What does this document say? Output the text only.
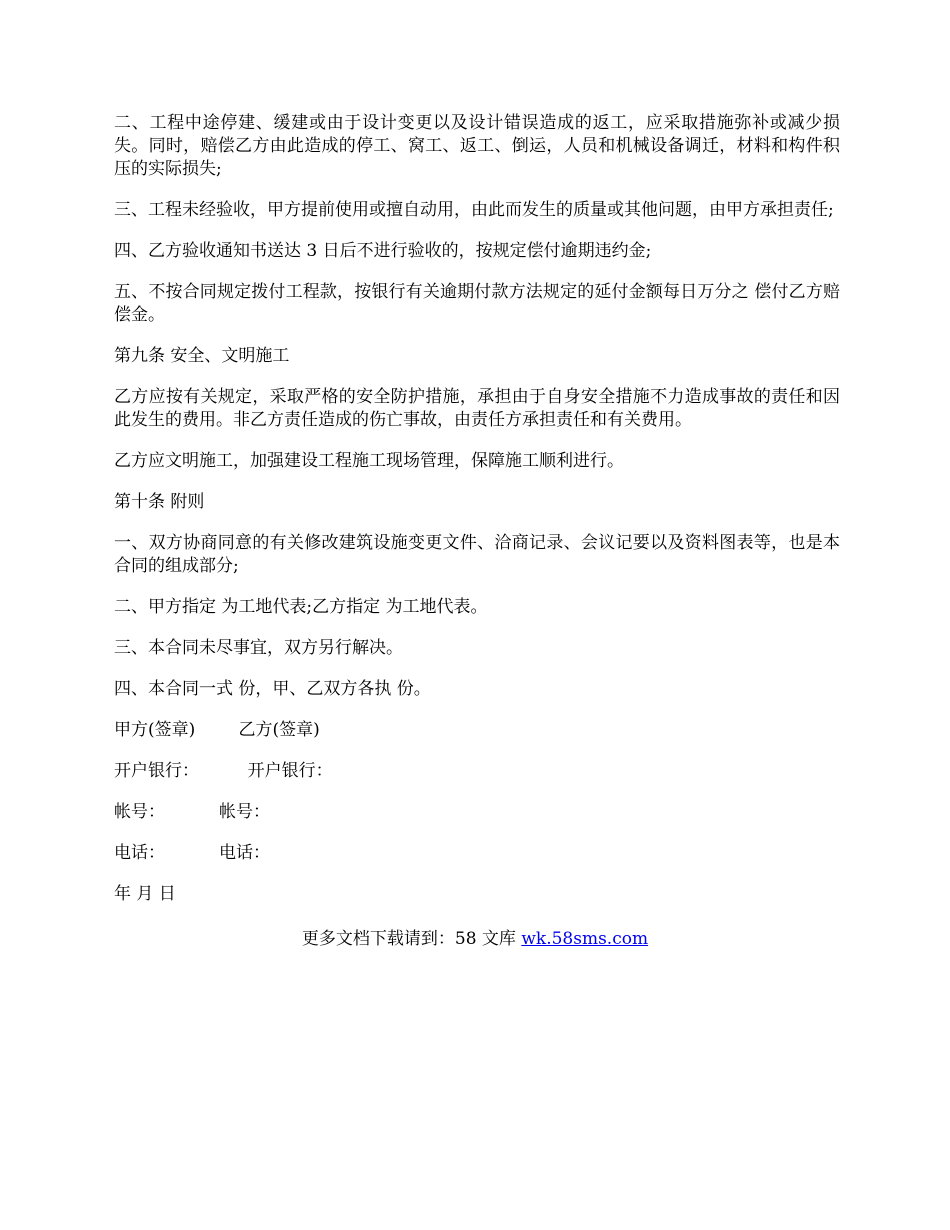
二、工程中途停建、缓建或由于设计变更以及设计错误造成的返工，应采取措施弥补或减少损失。同时，赔偿乙方由此造成的停工、窝工、返工、倒运，人员和机械设备调迁，材料和构件积压的实际损失;

三、工程未经验收，甲方提前使用或擅自动用，由此而发生的质量或其他问题，由甲方承担责任;

四、乙方验收通知书送达 3 日后不进行验收的，按规定偿付逾期违约金;

五、不按合同规定拨付工程款，按银行有关逾期付款方法规定的延付金额每日万分之 偿付乙方赔偿金。

第九条 安全、文明施工

乙方应按有关规定，采取严格的安全防护措施，承担由于自身安全措施不力造成事故的责任和因此发生的费用。非乙方责任造成的伤亡事故，由责任方承担责任和有关费用。

乙方应文明施工，加强建设工程施工现场管理，保障施工顺利进行。

第十条 附则

一、双方协商同意的有关修改建筑设施变更文件、洽商记录、会议记要以及资料图表等，也是本合同的组成部分;

二、甲方指定 为工地代表;乙方指定 为工地代表。

三、本合同未尽事宜，双方另行解决。

四、本合同一式 份，甲、乙双方各执 份。

甲方(签章)        乙方(签章)
开户银行：         开户银行：
帐号：          帐号：
电话：          电话：
年 月 日
更多文档下载请到：58 文库 wk.58sms.com
